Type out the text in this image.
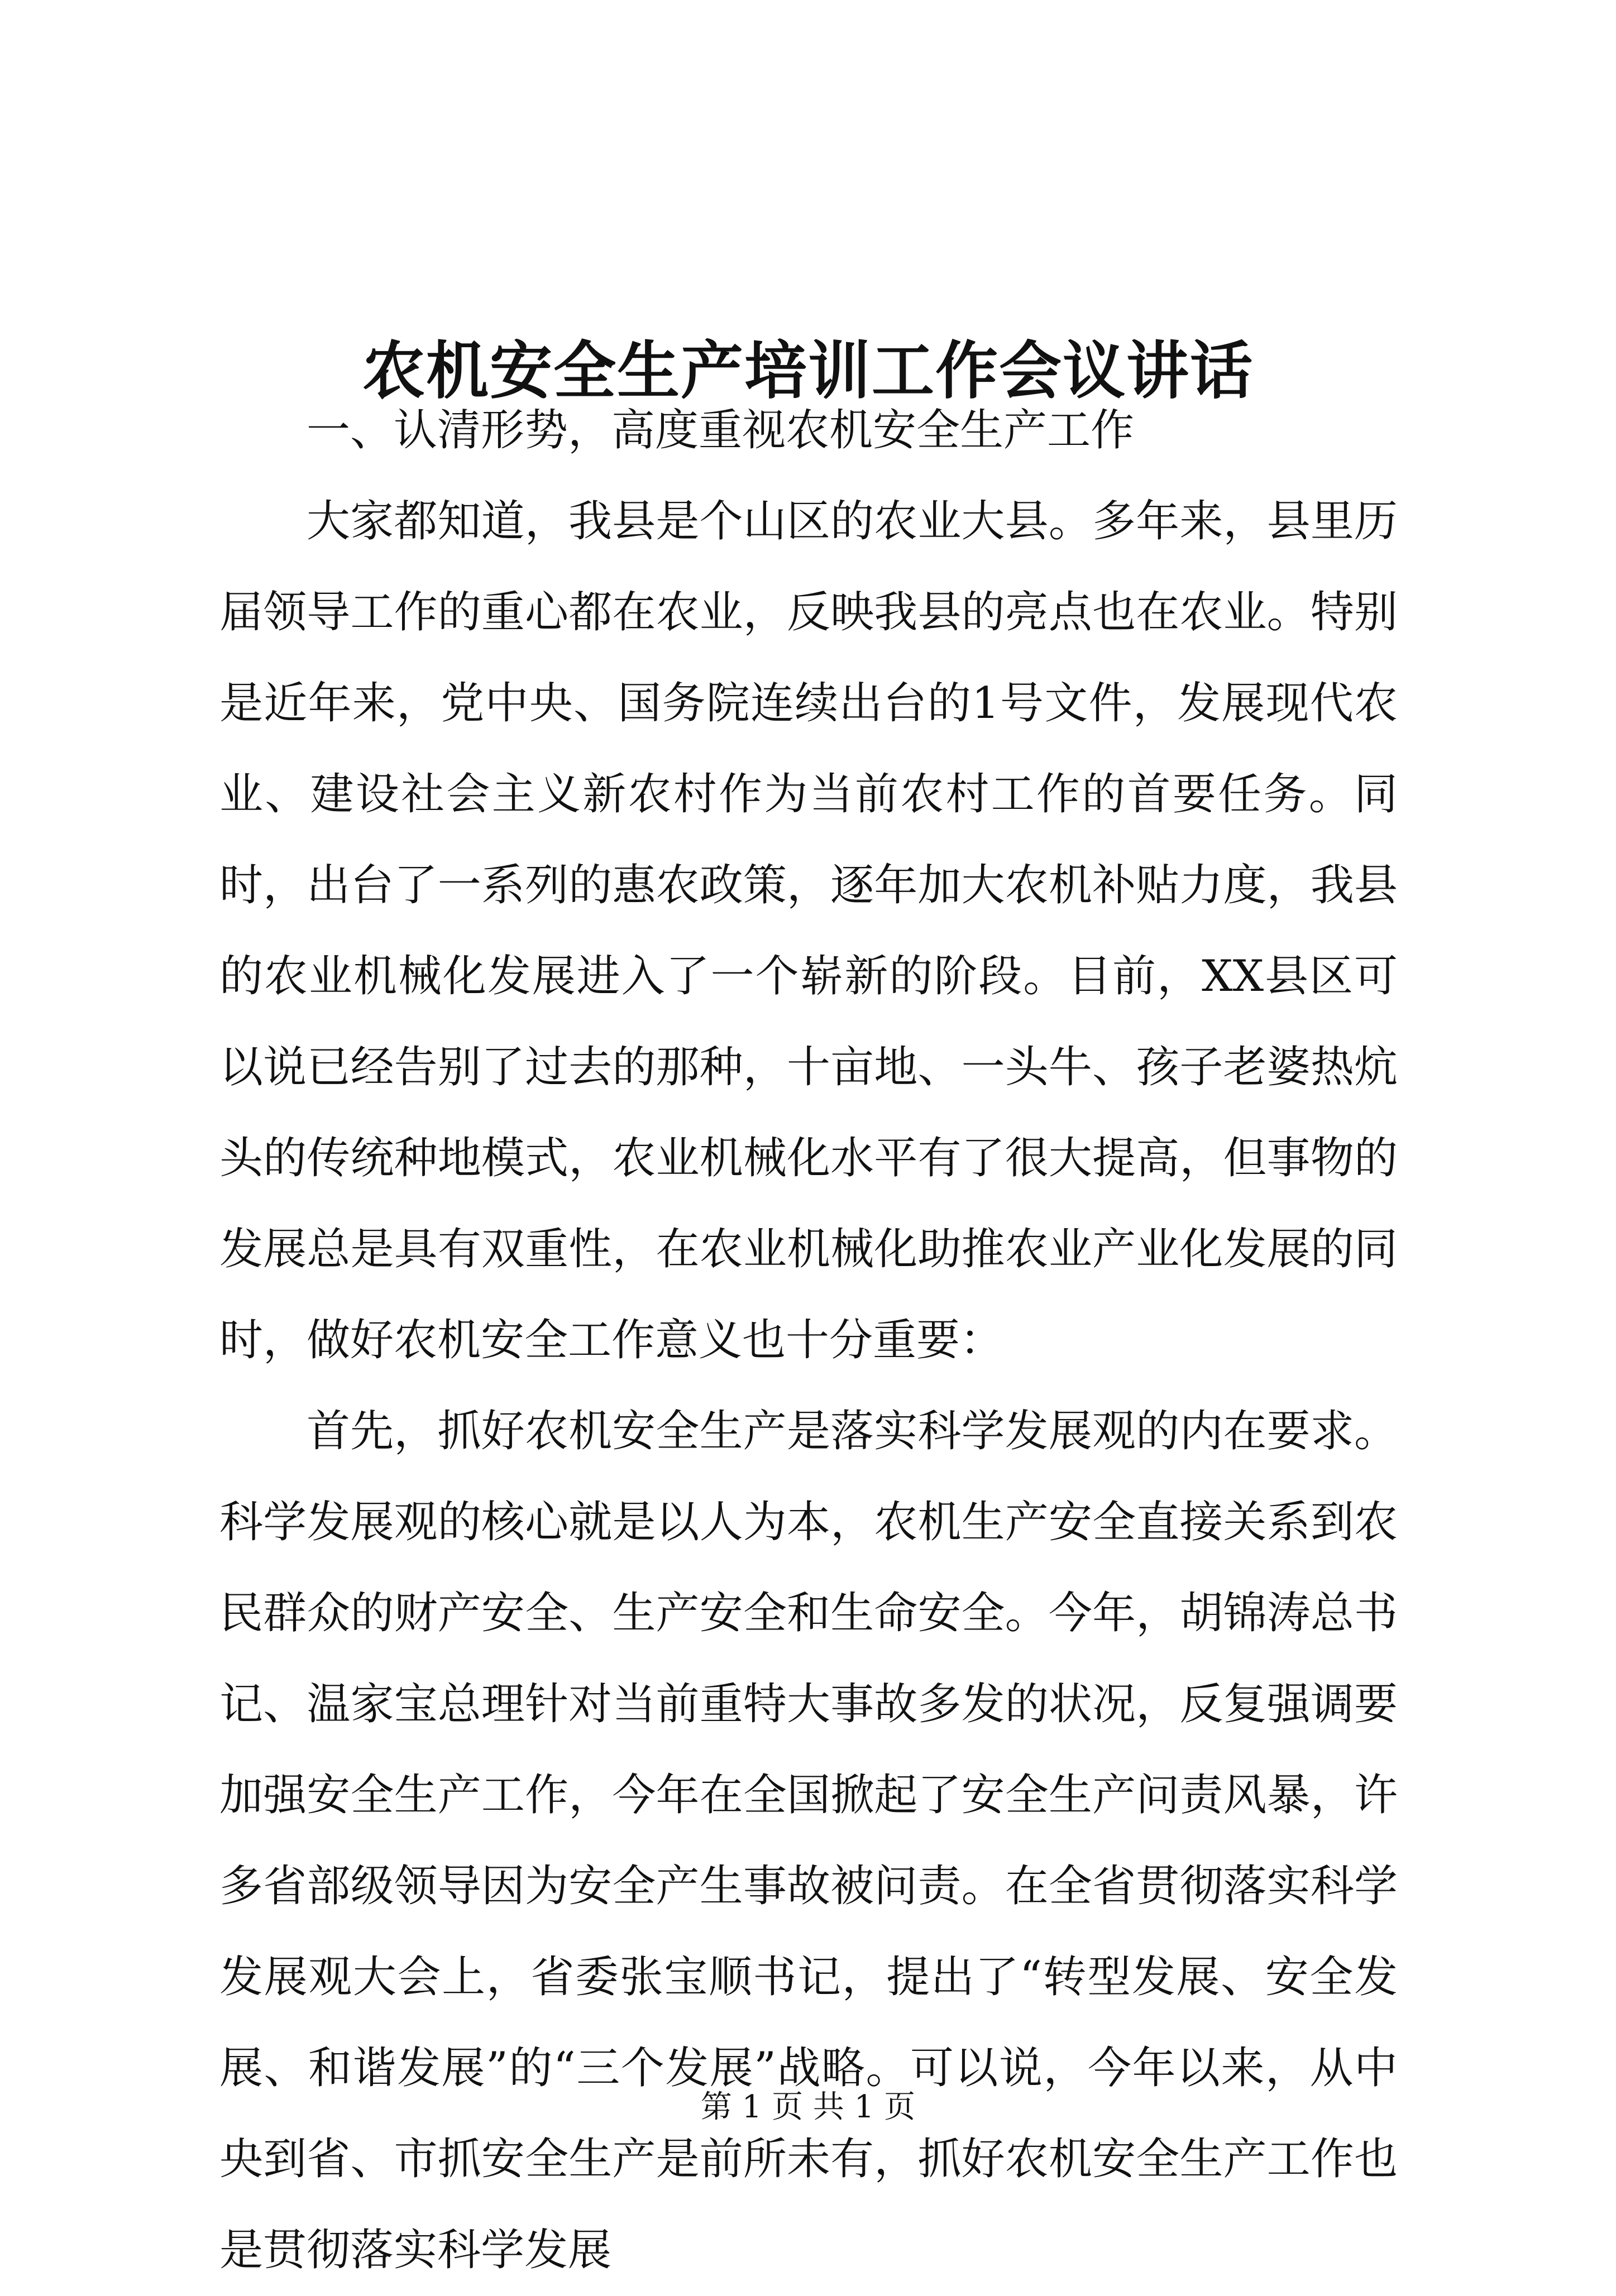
农机安全生产培训工作会议讲话

一、认清形势，高度重视农机安全生产工作

大家都知道，我县是个山区的农业大县。多年来，县里历届领导工作的重心都在农业，反映我县的亮点也在农业。特别是近年来，党中央、国务院连续出台的1号文件，发展现代农业、建设社会主义新农村作为当前农村工作的首要任务。同时，出台了一系列的惠农政策，逐年加大农机补贴力度，我县的农业机械化发展进入了一个崭新的阶段。目前，XX县区可以说已经告别了过去的那种，十亩地、一头牛、孩子老婆热炕头的传统种地模式，农业机械化水平有了很大提高，但事物的发展总是具有双重性，在农业机械化助推农业产业化发展的同时，做好农机安全工作意义也十分重要：

首先，抓好农机安全生产是落实科学发展观的内在要求。科学发展观的核心就是以人为本，农机生产安全直接关系到农民群众的财产安全、生产安全和生命安全。今年，胡锦涛总书记、温家宝总理针对当前重特大事故多发的状况，反复强调要加强安全生产工作，今年在全国掀起了安全生产问责风暴，许多省部级领导因为安全产生事故被问责。在全省贯彻落实科学发展观大会上，省委张宝顺书记，提出了“转型发展、安全发展、和谐发展”的“三个发展”战略。可以说，今年以来，从中央到省、市抓安全生产是前所未有，抓好农机安全生产工作也是贯彻落实科学发展

第 1 页 共 1 页
